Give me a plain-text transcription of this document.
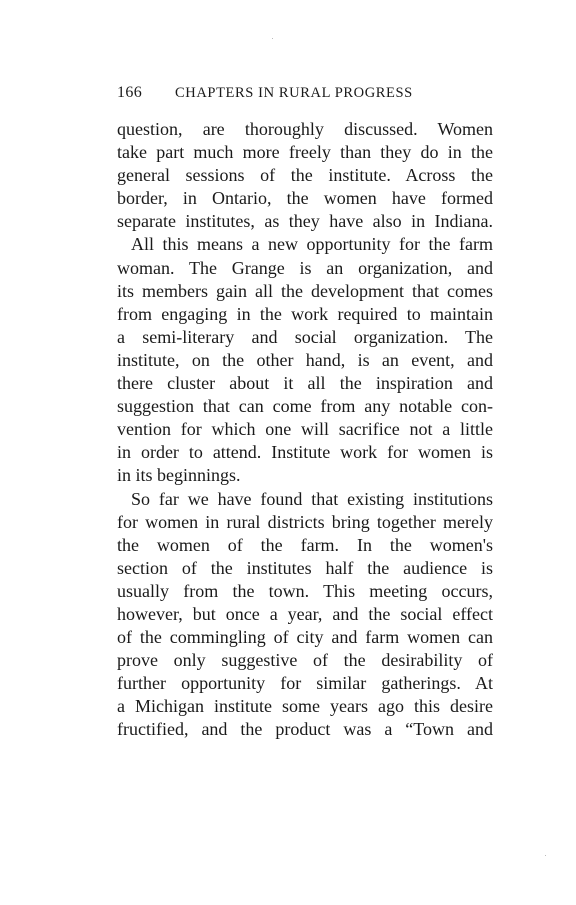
166 CHAPTERS IN RURAL PROGRESS
question, are thoroughly discussed. Women
take part much more freely than they do in the
general sessions of the institute. Across the
border, in Ontario, the women have formed
separate institutes, as they have also in Indiana.
All this means a new opportunity for the farm
woman. The Grange is an organization, and
its members gain all the development that comes
from engaging in the work required to maintain
a semi-literary and social organization. The
institute, on the other hand, is an event, and
there cluster about it all the inspiration and
suggestion that can come from any notable con-
vention for which one will sacrifice not a little
in order to attend. Institute work for women is
in its beginnings.
So far we have found that existing institutions
for women in rural districts bring together merely
the women of the farm. In the women's
section of the institutes half the audience is
usually from the town. This meeting occurs,
however, but once a year, and the social effect
of the commingling of city and farm women can
prove only suggestive of the desirability of
further opportunity for similar gatherings. At
a Michigan institute some years ago this desire
fructified, and the product was a “Town and
